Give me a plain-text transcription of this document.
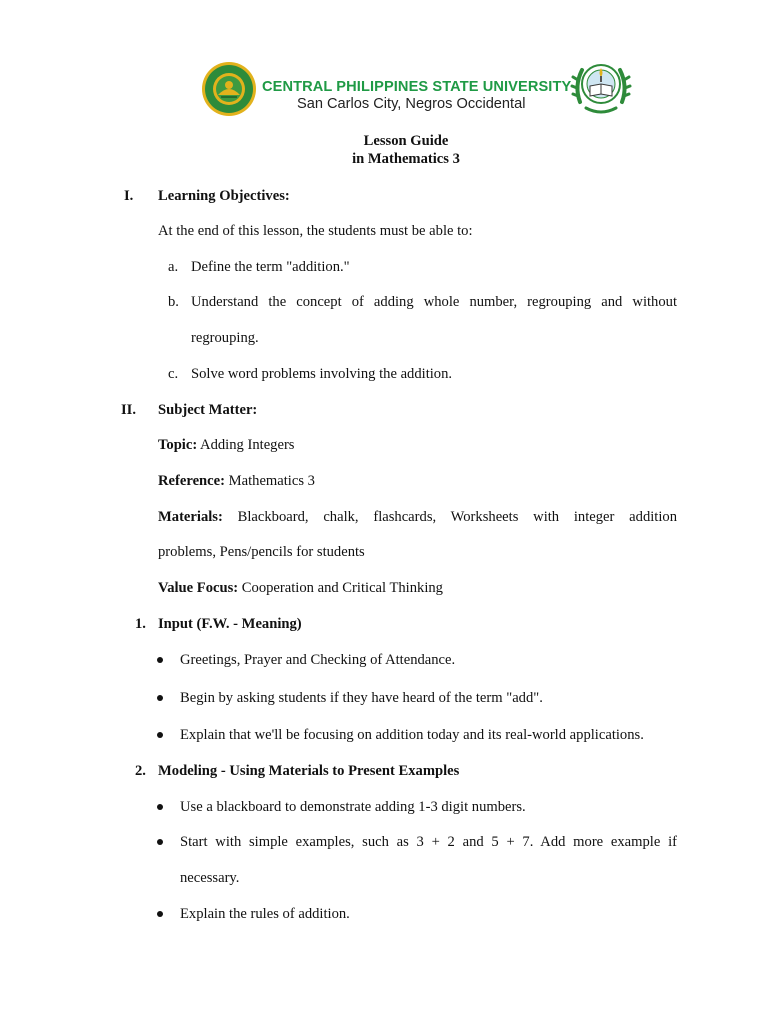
CENTRAL PHILIPPINES STATE UNIVERSITY
San Carlos City, Negros Occidental
Lesson Guide
in Mathematics 3
I. Learning Objectives:
At the end of this lesson, the students must be able to:
a. Define the term "addition."
b. Understand the concept of adding whole number, regrouping and without
regrouping.
c. Solve word problems involving the addition.
II. Subject Matter:
Topic: Adding Integers
Reference: Mathematics 3
Materials: Blackboard, chalk, flashcards, Worksheets with integer addition
problems, Pens/pencils for students
Value Focus: Cooperation and Critical Thinking
1. Input (F.W. - Meaning)
Greetings, Prayer and Checking of Attendance.
Begin by asking students if they have heard of the term "add".
Explain that we'll be focusing on addition today and its real-world applications.
2. Modeling - Using Materials to Present Examples
Use a blackboard to demonstrate adding 1-3 digit numbers.
Start with simple examples, such as 3 + 2 and 5 + 7. Add more example if
necessary.
Explain the rules of addition.
